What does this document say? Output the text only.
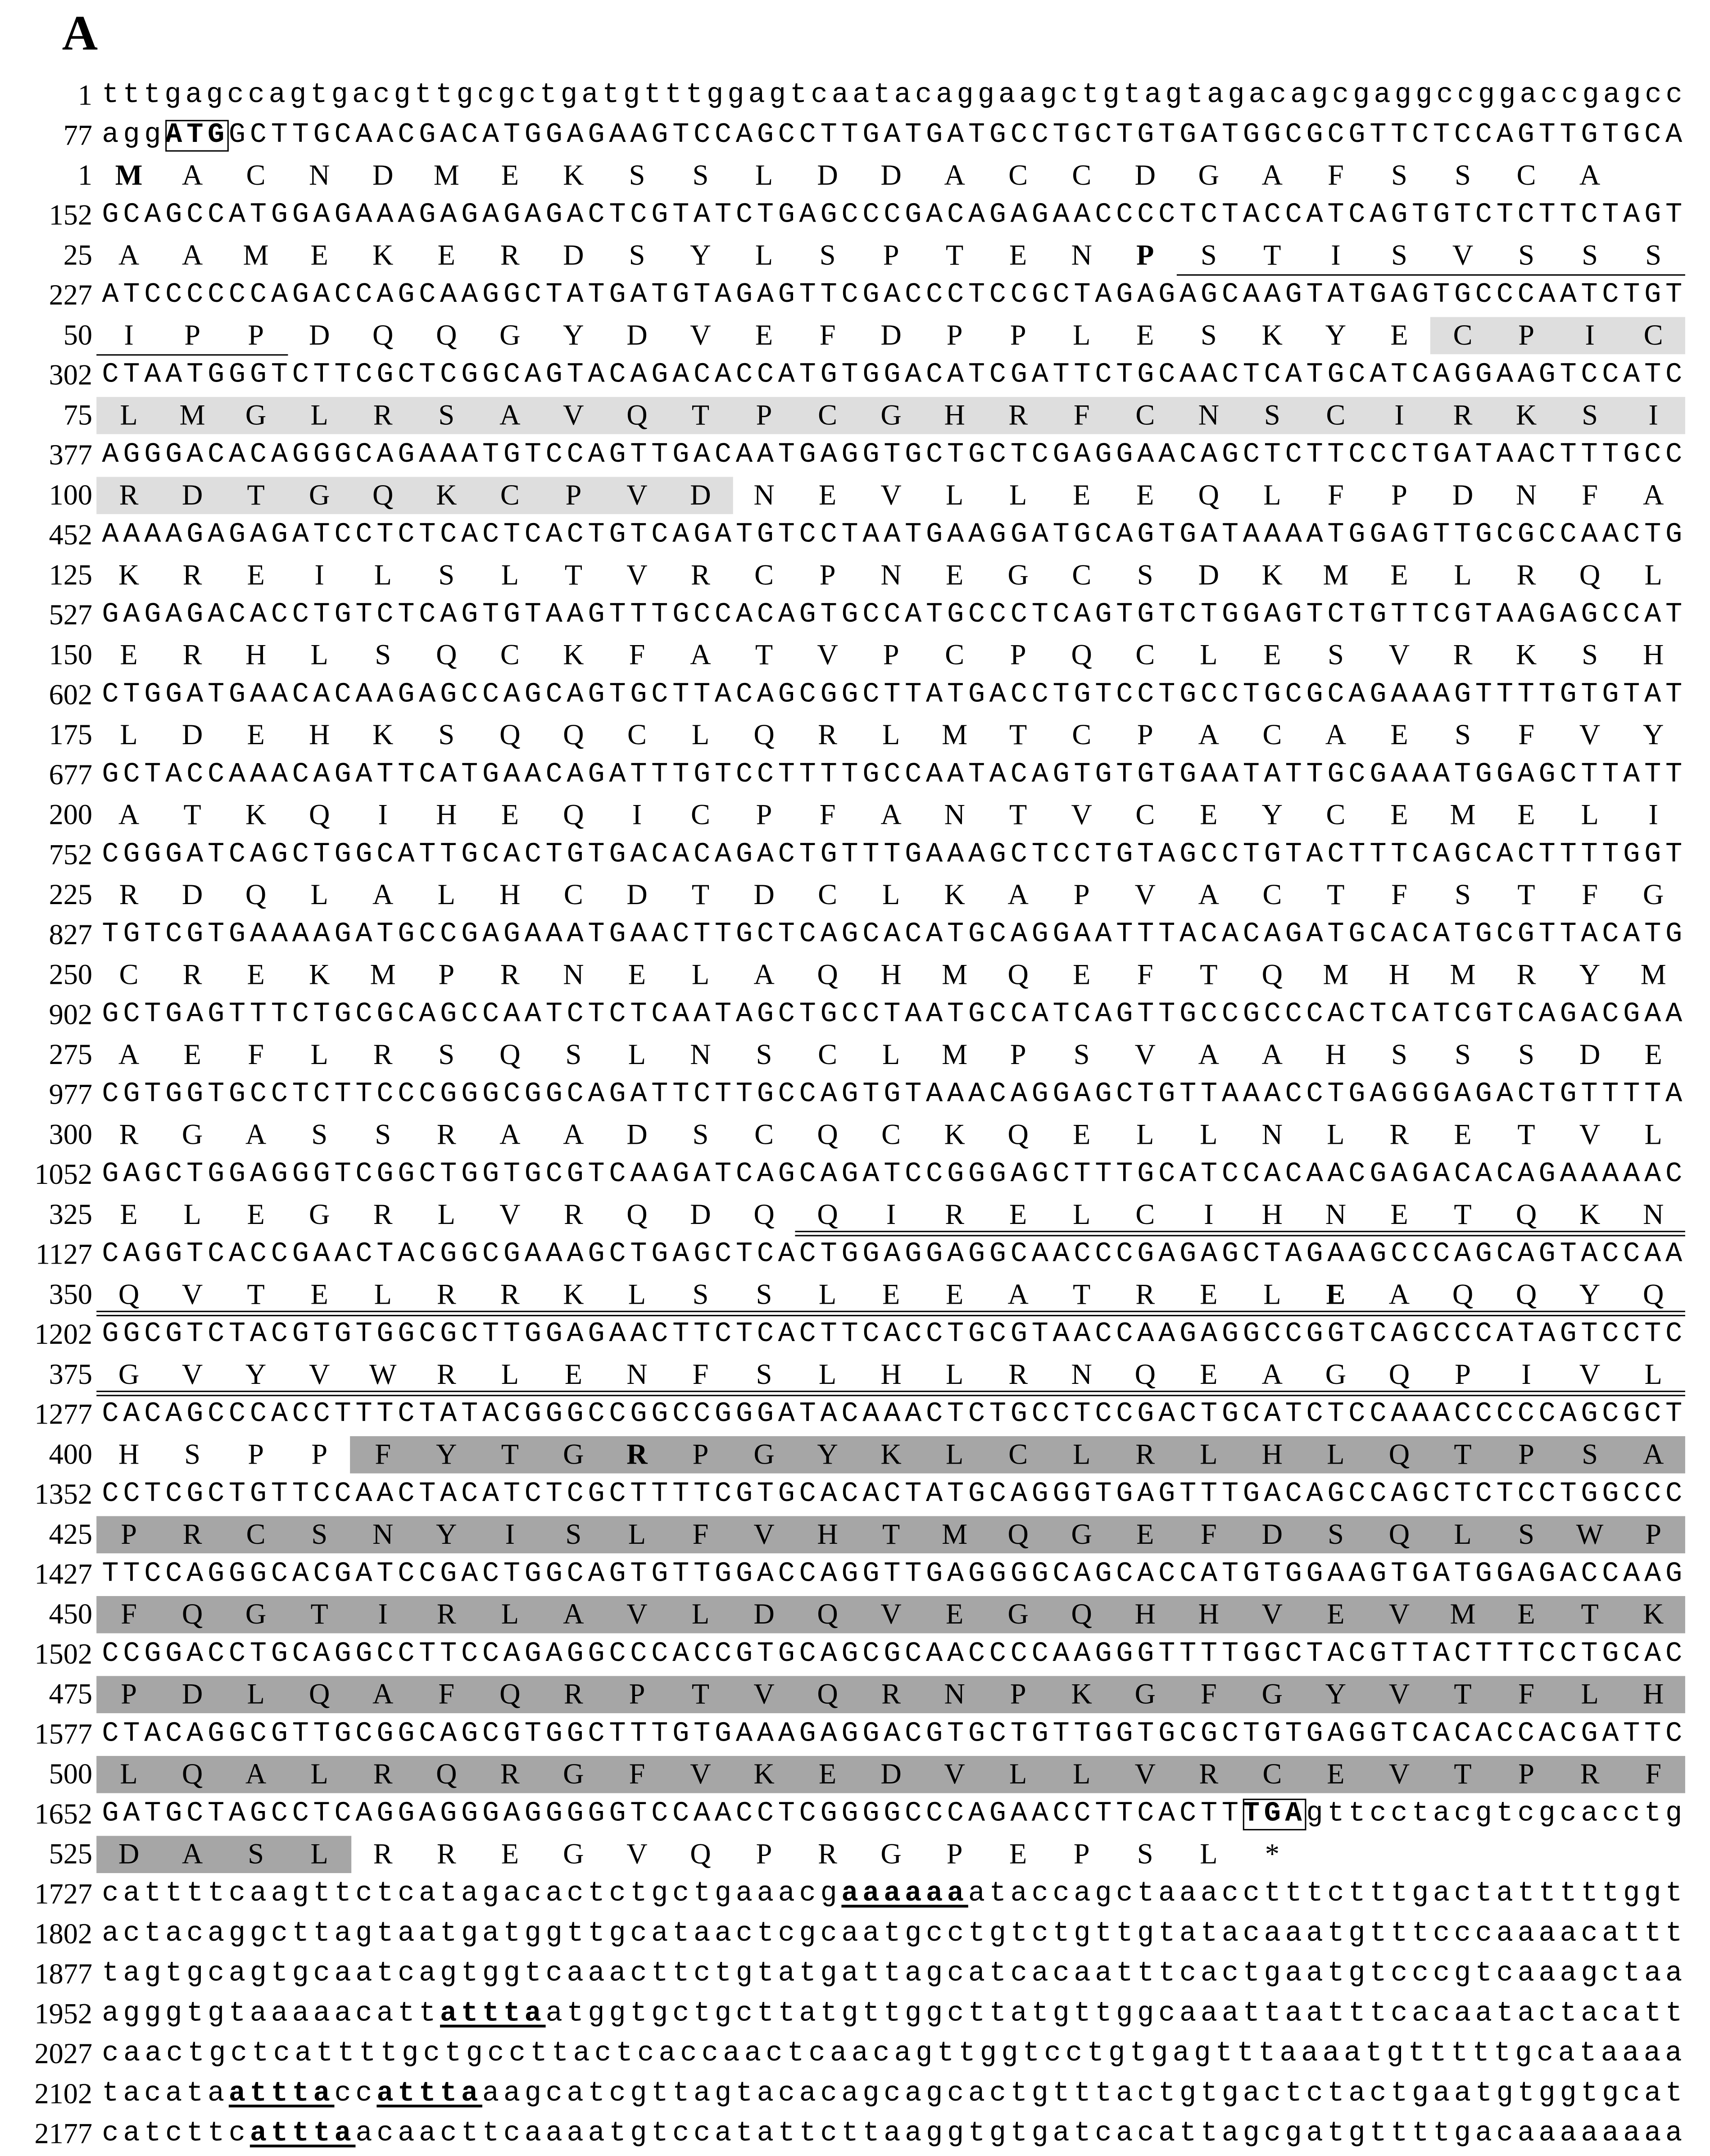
A
1 tttgagccagtgacgttgcgctgatgtttggagtcaatacaggaagctgtagtagacagcgaggccggaccgagcc
77 aggATGGCTTGCAACGACATGGAGAAGTCCAGCCTTGATGATGCCTGCTGTGATGGCGCGTTCTCCAGTTGTGCA
1	M	A	C	N	D	M	E	K	S	S	L	D	D	A	C	C	D	G	A	F	S	S	C	A
152 GCAGCCATGGAGAAAGAGAGAGACTCGTATCTGAGCCCGACAGAGAACCCCTCTACCATCAGTGTCTCTTCTAGT
25	A	A	M	E	K	E	R	D	S	Y	L	S	P	T	E	N	P	S	T	I	S	V	S	S	S
227 ATCCCCCCAGACCAGCAAGGCTATGATGTAGAGTTCGACCCTCCGCTAGAGAGCAAGTATGAGTGCCCAATCTGT
50	I	P	P	D	Q	Q	G	Y	D	V	E	F	D	P	P	L	E	S	K	Y	E	C	P	I	C
302 CTAATGGGTCTTCGCTCGGCAGTACAGACACCATGTGGACATCGATTCTGCAACTCATGCATCAGGAAGTCCATC
75	L	M	G	L	R	S	A	V	Q	T	P	C	G	H	R	F	C	N	S	C	I	R	K	S	I
377 AGGGACACAGGGCAGAAATGTCCAGTTGACAATGAGGTGCTGCTCGAGGAACAGCTCTTCCCTGATAACTTTGCC
100	R	D	T	G	Q	K	C	P	V	D	N	E	V	L	L	E	E	Q	L	F	P	D	N	F	A
452 AAAAGAGAGATCCTCTCACTCACTGTCAGATGTCCTAATGAAGGATGCAGTGATAAAATGGAGTTGCGCCAACTG
125	K	R	E	I	L	S	L	T	V	R	C	P	N	E	G	C	S	D	K	M	E	L	R	Q	L
527 GAGAGACACCTGTCTCAGTGTAAGTTTGCCACAGTGCCATGCCCTCAGTGTCTGGAGTCTGTTCGTAAGAGCCAT
150	E	R	H	L	S	Q	C	K	F	A	T	V	P	C	P	Q	C	L	E	S	V	R	K	S	H
602 CTGGATGAACACAAGAGCCAGCAGTGCTTACAGCGGCTTATGACCTGTCCTGCCTGCGCAGAAAGTTTTGTGTAT
175	L	D	E	H	K	S	Q	Q	C	L	Q	R	L	M	T	C	P	A	C	A	E	S	F	V	Y
677 GCTACCAAACAGATTCATGAACAGATTTGTCCTTTTGCCAATACAGTGTGTGAATATTGCGAAATGGAGCTTATT
200	A	T	K	Q	I	H	E	Q	I	C	P	F	A	N	T	V	C	E	Y	C	E	M	E	L	I
752 CGGGATCAGCTGGCATTGCACTGTGACACAGACTGTTTGAAAGCTCCTGTAGCCTGTACTTTCAGCACTTTTGGT
225	R	D	Q	L	A	L	H	C	D	T	D	C	L	K	A	P	V	A	C	T	F	S	T	F	G
827 TGTCGTGAAAAGATGCCGAGAAATGAACTTGCTCAGCACATGCAGGAATTTACACAGATGCACATGCGTTACATG
250	C	R	E	K	M	P	R	N	E	L	A	Q	H	M	Q	E	F	T	Q	M	H	M	R	Y	M
902 GCTGAGTTTCTGCGCAGCCAATCTCTCAATAGCTGCCTAATGCCATCAGTTGCCGCCCACTCATCGTCAGACGAA
275	A	E	F	L	R	S	Q	S	L	N	S	C	L	M	P	S	V	A	A	H	S	S	S	D	E
977 CGTGGTGCCTCTTCCCGGGCGGCAGATTCTTGCCAGTGTAAACAGGAGCTGTTAAACCTGAGGGAGACTGTTTTA
300	R	G	A	S	S	R	A	A	D	S	C	Q	C	K	Q	E	L	L	N	L	R	E	T	V	L
1052 GAGCTGGAGGGTCGGCTGGTGCGTCAAGATCAGCAGATCCGGGAGCTTTGCATCCACAACGAGACACAGAAAAAC
325	E	L	E	G	R	L	V	R	Q	D	Q	Q	I	R	E	L	C	I	H	N	E	T	Q	K	N
1127 CAGGTCACCGAACTACGGCGAAAGCTGAGCTCACTGGAGGAGGCAACCCGAGAGCTAGAAGCCCAGCAGTACCAA
350	Q	V	T	E	L	R	R	K	L	S	S	L	E	E	A	T	R	E	L	E	A	Q	Q	Y	Q
1202 GGCGTCTACGTGTGGCGCTTGGAGAACTTCTCACTTCACCTGCGTAACCAAGAGGCCGGTCAGCCCATAGTCCTC
375	G	V	Y	V	W	R	L	E	N	F	S	L	H	L	R	N	Q	E	A	G	Q	P	I	V	L
1277 CACAGCCCACCTTTCTATACGGGCCGGCCGGGATACAAACTCTGCCTCCGACTGCATCTCCAAACCCCCAGCGCT
400	H	S	P	P	F	Y	T	G	R	P	G	Y	K	L	C	L	R	L	H	L	Q	T	P	S	A
1352 CCTCGCTGTTCCAACTACATCTCGCTTTTCGTGCACACTATGCAGGGTGAGTTTGACAGCCAGCTCTCCTGGCCC
425	P	R	C	S	N	Y	I	S	L	F	V	H	T	M	Q	G	E	F	D	S	Q	L	S	W	P
1427 TTCCAGGGCACGATCCGACTGGCAGTGTTGGACCAGGTTGAGGGGCAGCACCATGTGGAAGTGATGGAGACCAAG
450	F	Q	G	T	I	R	L	A	V	L	D	Q	V	E	G	Q	H	H	V	E	V	M	E	T	K
1502 CCGGACCTGCAGGCCTTCCAGAGGCCCACCGTGCAGCGCAACCCCAAGGGTTTTGGCTACGTTACTTTCCTGCAC
475	P	D	L	Q	A	F	Q	R	P	T	V	Q	R	N	P	K	G	F	G	Y	V	T	F	L	H
1577 CTACAGGCGTTGCGGCAGCGTGGCTTTGTGAAAGAGGACGTGCTGTTGGTGCGCTGTGAGGTCACACCACGATTC
500	L	Q	A	L	R	Q	R	G	F	V	K	E	D	V	L	L	V	R	C	E	V	T	P	R	F
1652 GATGCTAGCCTCAGGAGGGAGGGGGTCCAACCTCGGGGCCCAGAACCTTCACTTTGAgttcctacgtcgcacctg
525	D	A	S	L	R	R	E	G	V	Q	P	R	G	P	E	P	S	L	*
1727 cattttcaagttctcatagacactctgctgaaacgaaaaaaataccagctaaacctttctttgactatttttggt
1802 actacaggcttagtaatgatggttgcataactcgcaatgcctgtctgttgtatacaaatgtttcccaaaacattt
1877 tagtgcagtgcaatcagtggtcaaacttctgtatgattagcatcacaatttcactgaatgtcccgtcaaagctaa
1952 agggtgtaaaaacattatttaatggtgctgcttatgttggcttatgttggcaaattaatttcacaatactacatt
2027 caactgctcattttgctgccttactcaccaactcaacagttggtcctgtgagtttaaaatgtttttgcataaaa
2102 tacataatttaccatttaaagcatcgttagtacacagcagcactgtttactgtgactctactgaatgtggtgcat
2177 catcttcatttaacaacttcaaaatgtccatattcttaaggtgtgatcacattagcgatgttttgacaaaaaaaa
